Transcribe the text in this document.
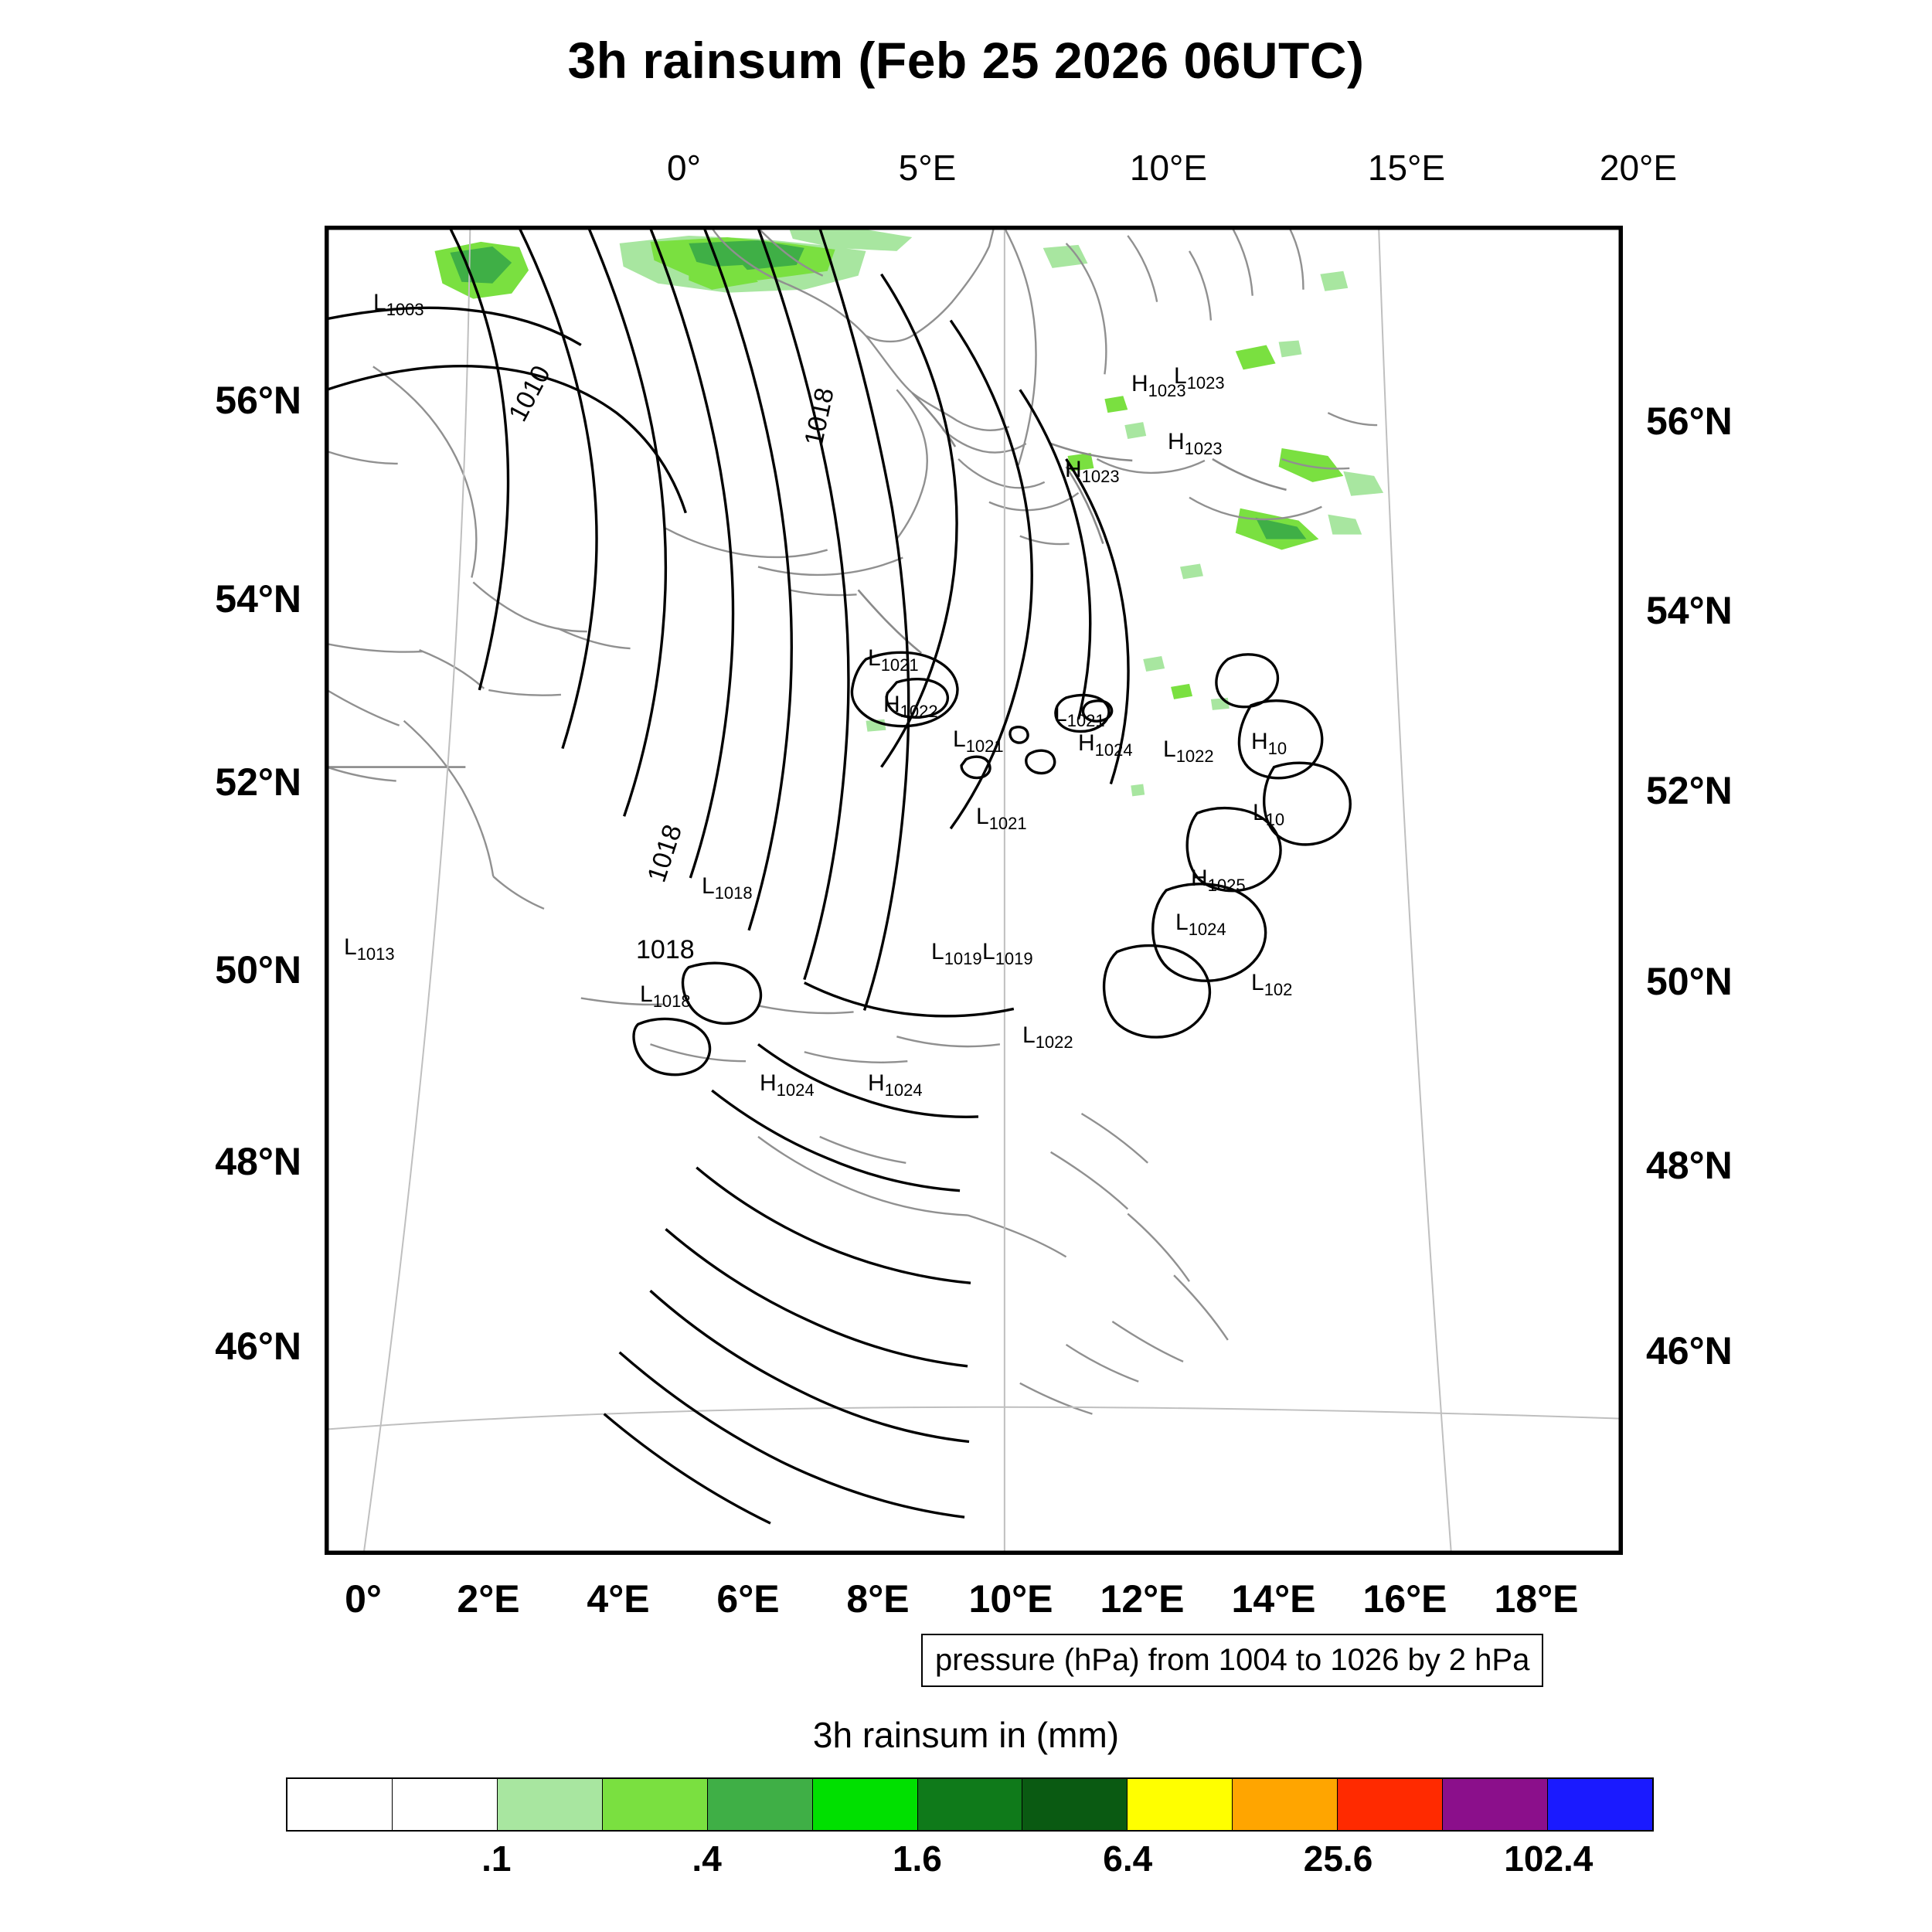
3h rainsum (Feb 25 2026 06UTC)
0°	5°E	10°E	15°E	20°E
0° 2°E 4°E 6°E 8°E 10°E 12°E 14°E 16°E 18°E
56°N
54°N
52°N
50°N
48°N
46°N
56°N
54°N
52°N
50°N
48°N
46°N
$L_{1003}$
$L_{1013}$
$H_{1023}$
$L_{1023}$
$H_{1023}$
$H_{1023}$
$L_{1021}$
$H_{1022}$	$L_{1021}$
$L_{1021}$	$H_{1024}$ $L_{1022}$
$H_{10}$
$L_{1021}$	$L_{10}$
$L_{1018}$
$H_{1025}$
$L_{1024}$
$L_{1019}$ $L_{1019}$
$L_{1018}$
$L_{102}$
$L_{1022}$
$H_{1024}$ $H_{1024}$
1010	1018
1018
1018
pressure (hPa) from 1004 to 1026 by 2 hPa
3h rainsum in (mm)
.1	.4	1.6	6.4	25.6	102.4
